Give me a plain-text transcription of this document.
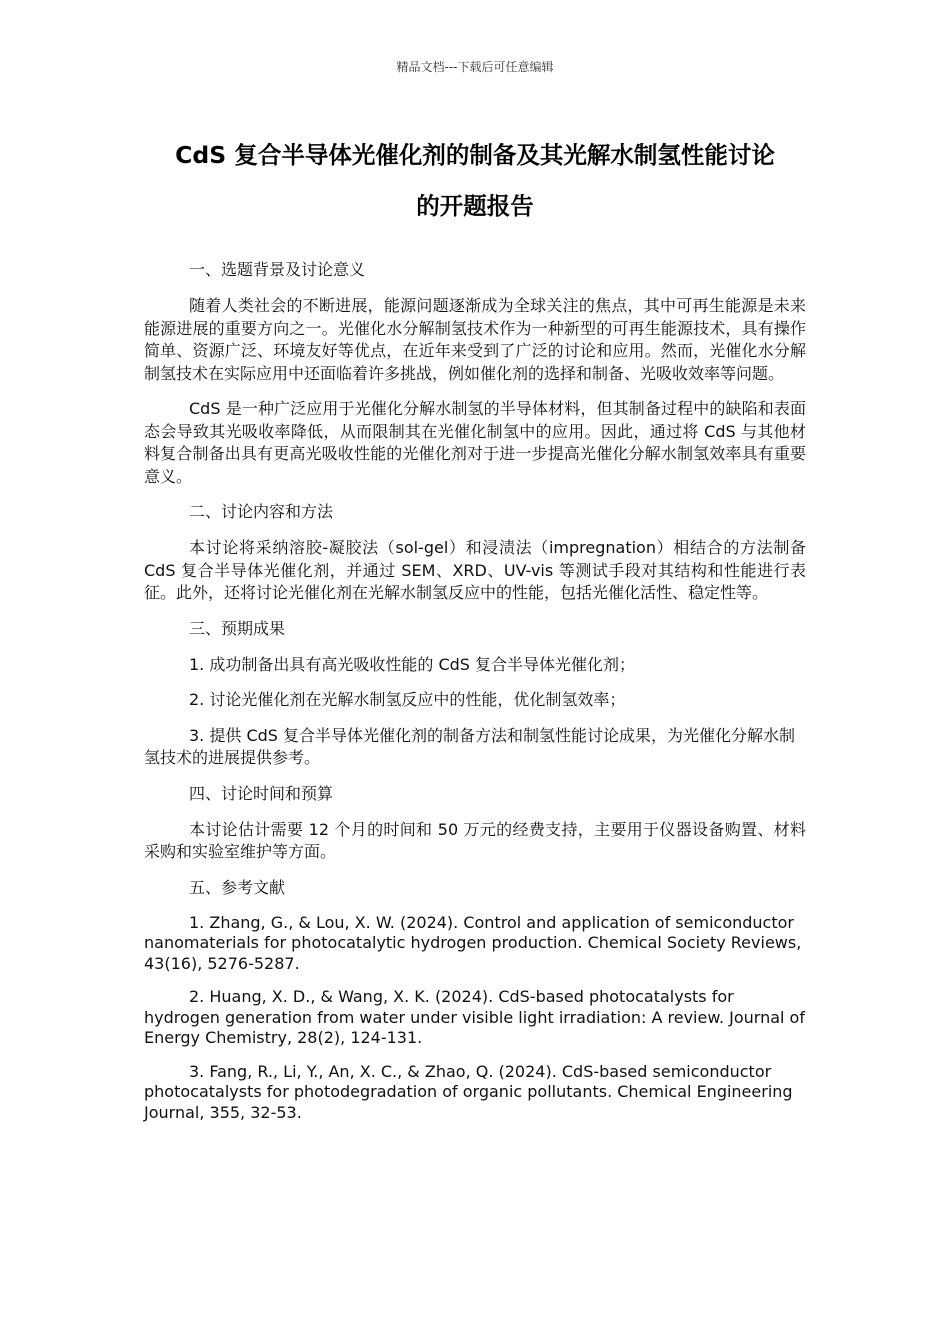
精品文档---下载后可任意编辑
CdS 复合半导体光催化剂的制备及其光解水制氢性能讨论
的开题报告
一、选题背景及讨论意义

随着人类社会的不断进展，能源问题逐渐成为全球关注的焦点，其中可再生能源是未来能源进展的重要方向之一。光催化水分解制氢技术作为一种新型的可再生能源技术，具有操作简单、资源广泛、环境友好等优点，在近年来受到了广泛的讨论和应用。然而，光催化水分解制氢技术在实际应用中还面临着许多挑战，例如催化剂的选择和制备、光吸收效率等问题。

CdS 是一种广泛应用于光催化分解水制氢的半导体材料，但其制备过程中的缺陷和表面态会导致其光吸收率降低，从而限制其在光催化制氢中的应用。因此，通过将 CdS 与其他材料复合制备出具有更高光吸收性能的光催化剂对于进一步提高光催化分解水制氢效率具有重要意义。

二、讨论内容和方法

本讨论将采纳溶胶-凝胶法（sol-gel）和浸渍法（impregnation）相结合的方法制备 CdS 复合半导体光催化剂，并通过 SEM、XRD、UV-vis 等测试手段对其结构和性能进行表征。此外，还将讨论光催化剂在光解水制氢反应中的性能，包括光催化活性、稳定性等。

三、预期成果

1. 成功制备出具有高光吸收性能的 CdS 复合半导体光催化剂；

2. 讨论光催化剂在光解水制氢反应中的性能，优化制氢效率；

3. 提供 CdS 复合半导体光催化剂的制备方法和制氢性能讨论成果，为光催化分解水制氢技术的进展提供参考。

四、讨论时间和预算

本讨论估计需要 12 个月的时间和 50 万元的经费支持，主要用于仪器设备购置、材料采购和实验室维护等方面。

五、参考文献

1. Zhang, G., & Lou, X. W. (2024). Control and application of semiconductor nanomaterials for photocatalytic hydrogen production. Chemical Society Reviews, 43(16), 5276-5287.

2. Huang, X. D., & Wang, X. K. (2024). CdS-based photocatalysts for hydrogen generation from water under visible light irradiation: A review. Journal of Energy Chemistry, 28(2), 124-131.

3. Fang, R., Li, Y., An, X. C., & Zhao, Q. (2024). CdS-based semiconductor photocatalysts for photodegradation of organic pollutants. Chemical Engineering Journal, 355, 32-53.
